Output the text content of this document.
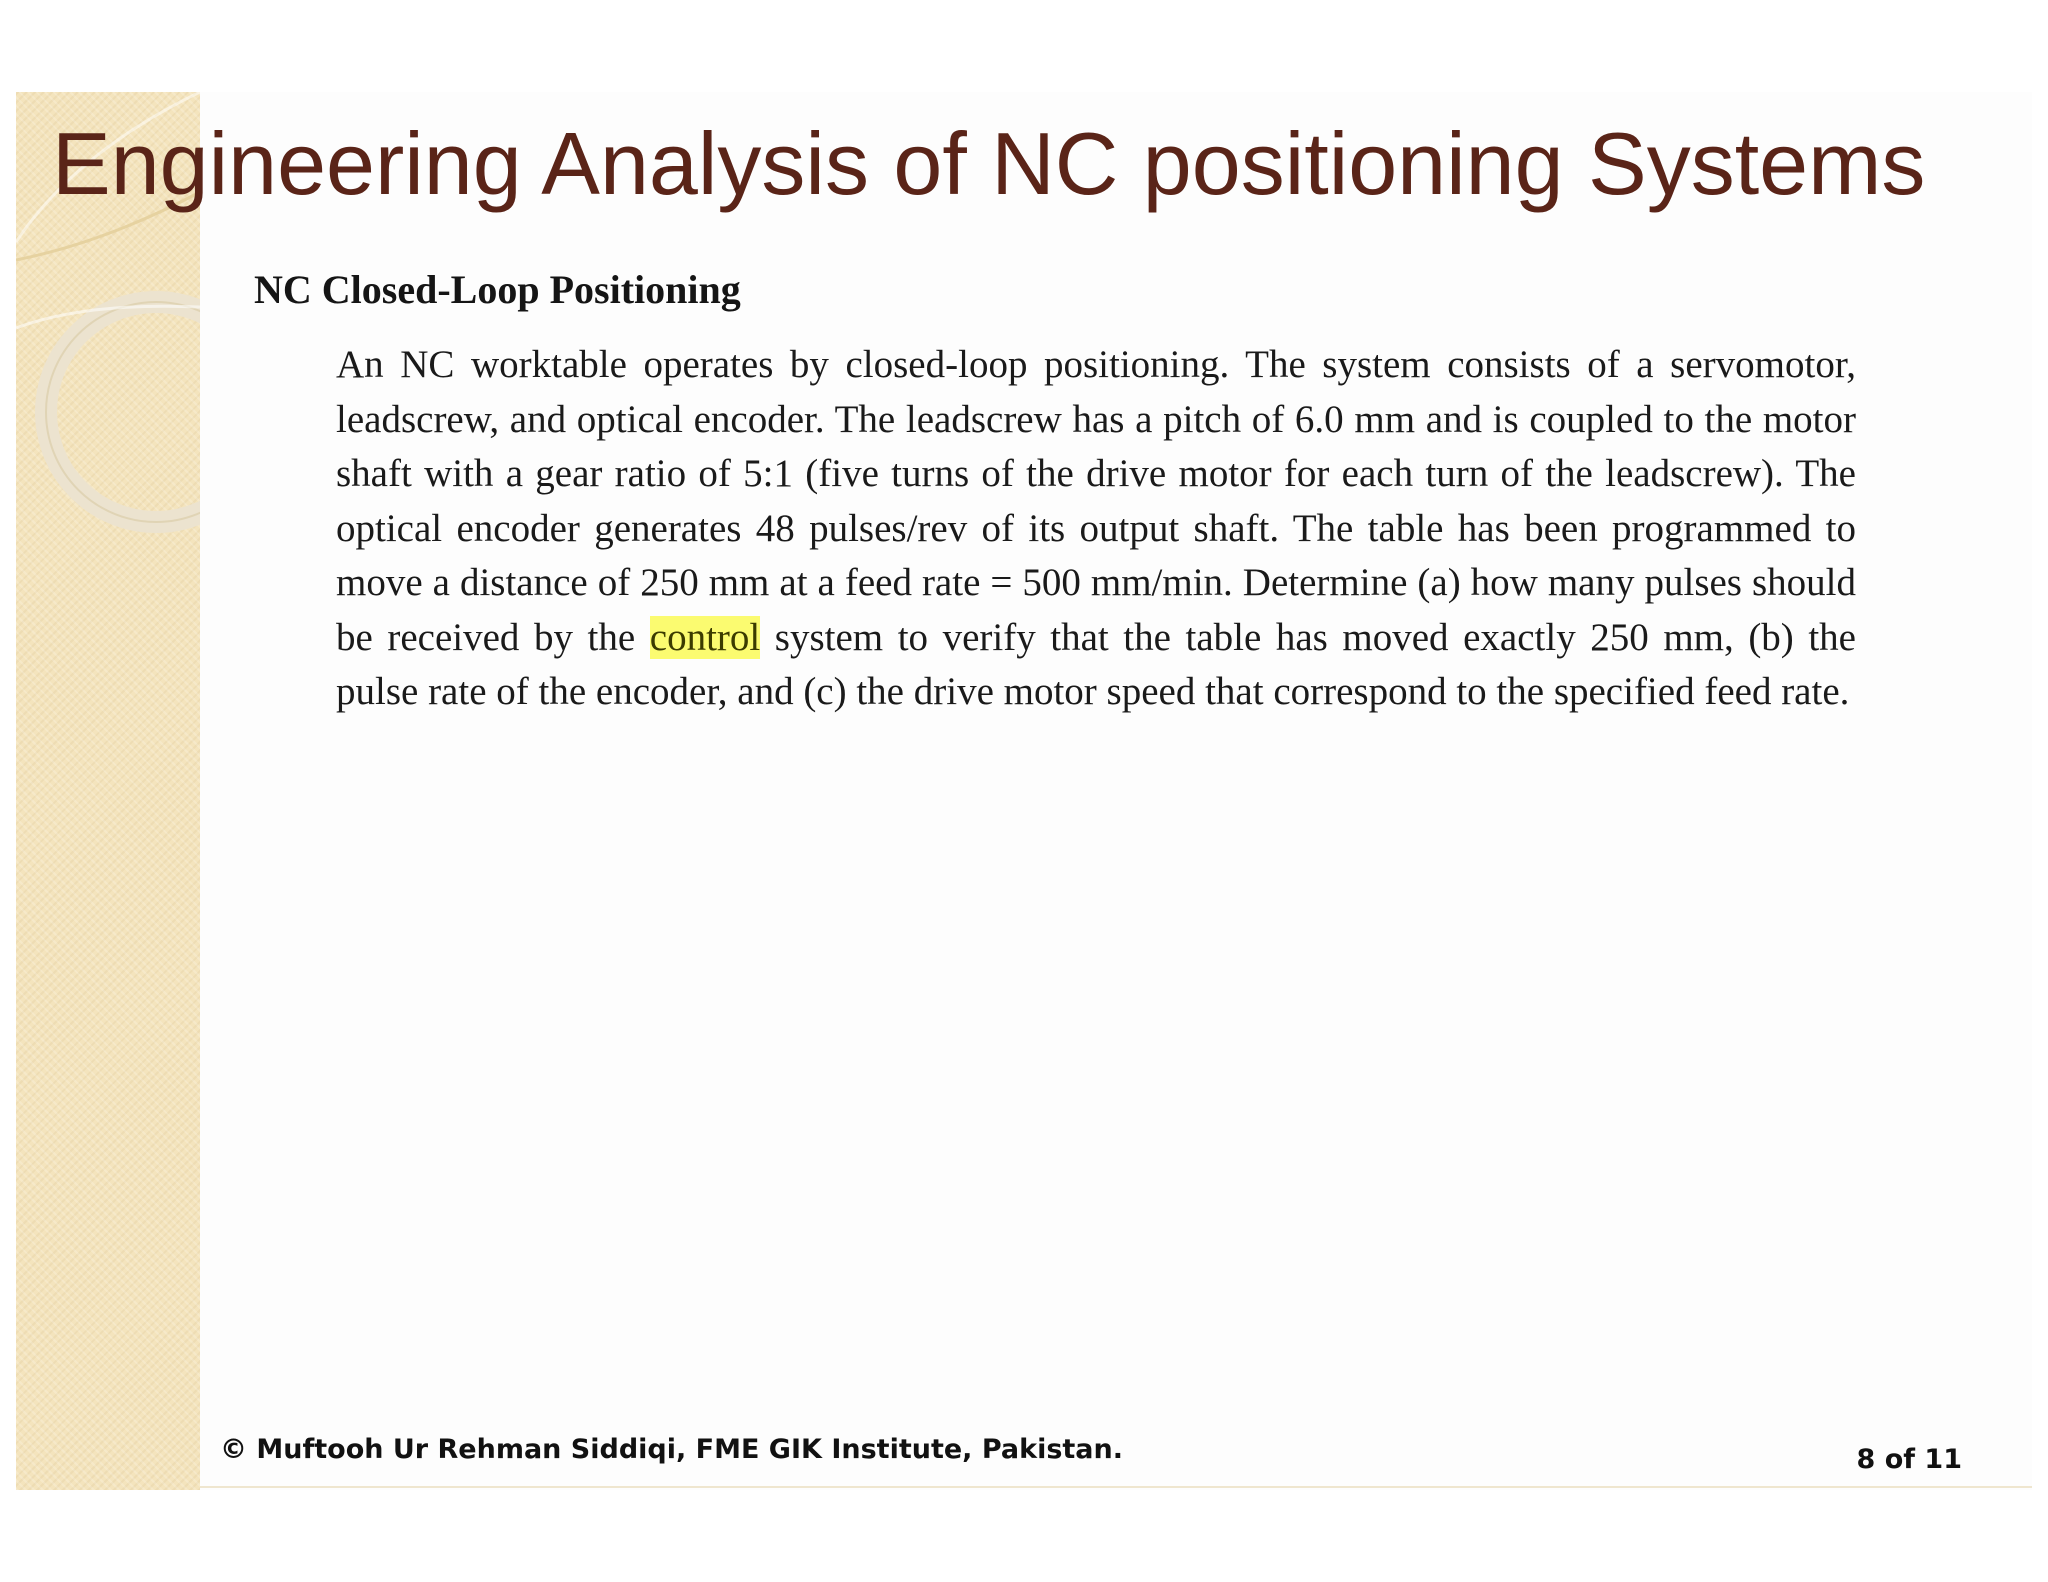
Engineering Analysis of NC positioning Systems
NC Closed-Loop Positioning

An NC worktable operates by closed-loop positioning. The system consists of a servomotor, leadscrew, and optical encoder. The leadscrew has a pitch of 6.0 mm and is coupled to the motor shaft with a gear ratio of 5:1 (five turns of the drive motor for each turn of the leadscrew). The optical encoder generates 48 pulses/rev of its output shaft. The table has been programmed to move a distance of 250 mm at a feed rate = 500 mm/min. Determine (a) how many pulses should be received by the control system to verify that the table has moved exactly 250 mm, (b) the pulse rate of the encoder, and (c) the drive motor speed that correspond to the specified feed rate.

© Muftooh Ur Rehman Siddiqi, FME GIK Institute, Pakistan.	8 of 11
